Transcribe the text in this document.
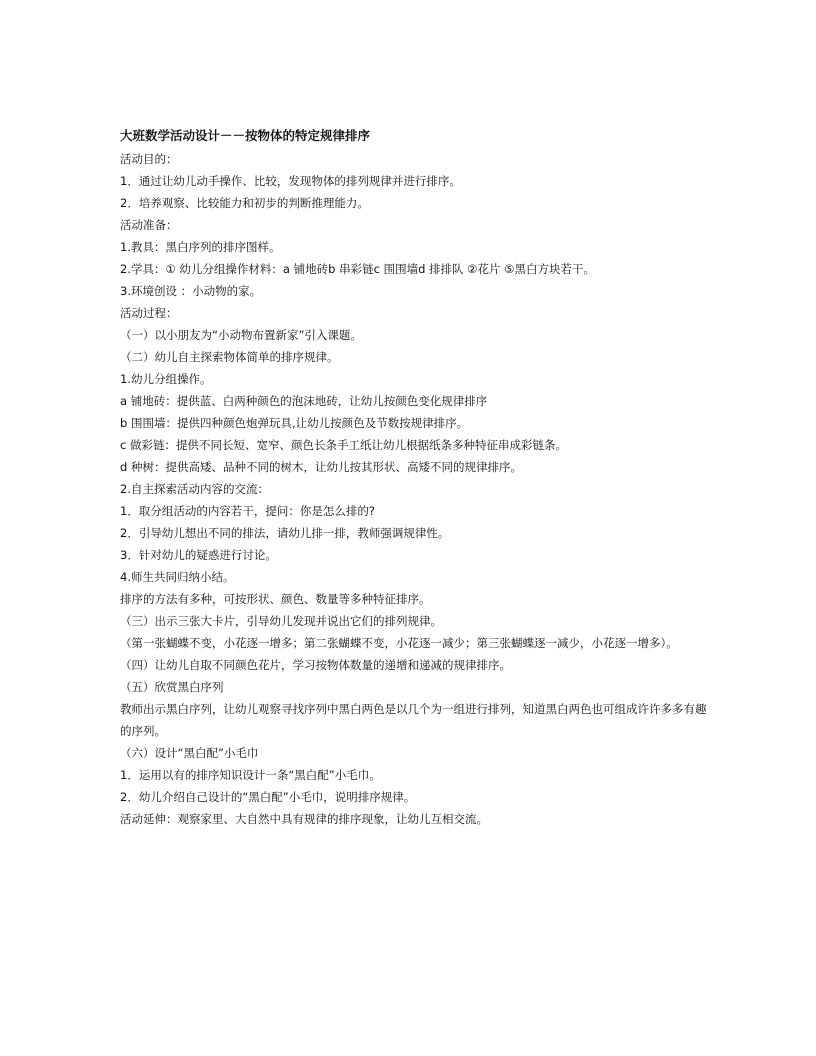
大班数学活动设计－－按物体的特定规律排序
活动目的：
1．通过让幼儿动手操作、比较，发现物体的排列规律并进行排序。
2．培养观察、比较能力和初步的判断推理能力。
活动准备：
1.教具：黑白序列的排序图样。
2.学具：① 幼儿分组操作材料：a 铺地砖b 串彩链c 围围墙d 排排队 ②花片 ⑤黑白方块若干。
3.环境创设 ：小动物的家。
活动过程：
（一）以小朋友为“小动物布置新家”引入课题。
（二）幼儿自主探索物体简单的排序规律。
1.幼儿分组操作。
a 铺地砖：提供蓝、白两种颜色的泡沫地砖，让幼儿按颜色变化规律排序
b 围围墙：提供四种颜色炮弹玩具,让幼儿按颜色及节数按规律排序。
c 做彩链：提供不同长短、宽窄、颜色长条手工纸让幼儿根据纸条多种特征串成彩链条。
d 种树：提供高矮、品种不同的树木，让幼儿按其形状、高矮不同的规律排序。
2.自主探索活动内容的交流：
1．取分组活动的内容若干，提问：你是怎么排的?
2．引导幼儿想出不同的排法，请幼儿排一排，教师强调规律性。
3．针对幼儿的疑惑进行讨论。
4.师生共同归纳小结。
排序的方法有多种，可按形状、颜色、数量等多种特征排序。
（三）出示三张大卡片，引导幼儿发现并说出它们的排列规律。
（第一张蝴蝶不变，小花逐一增多；第二张蝴蝶不变，小花逐一减少；第三张蝴蝶逐一减少，小花逐一增多）。
（四）让幼儿自取不同颜色花片，学习按物体数量的递增和递减的规律排序。
（五）欣赏黑白序列
教师出示黑白序列，让幼儿观察寻找序列中黑白两色是以几个为一组进行排列，知道黑白两色也可组成许许多多有趣的序列。
（六）设计“黑白配”小毛巾
1．运用以有的排序知识设计一条“黑白配”小毛巾。
2．幼儿介绍自己设计的“黑白配”小毛巾，说明排序规律。
活动延伸：观察家里、大自然中具有规律的排序现象，让幼儿互相交流。
